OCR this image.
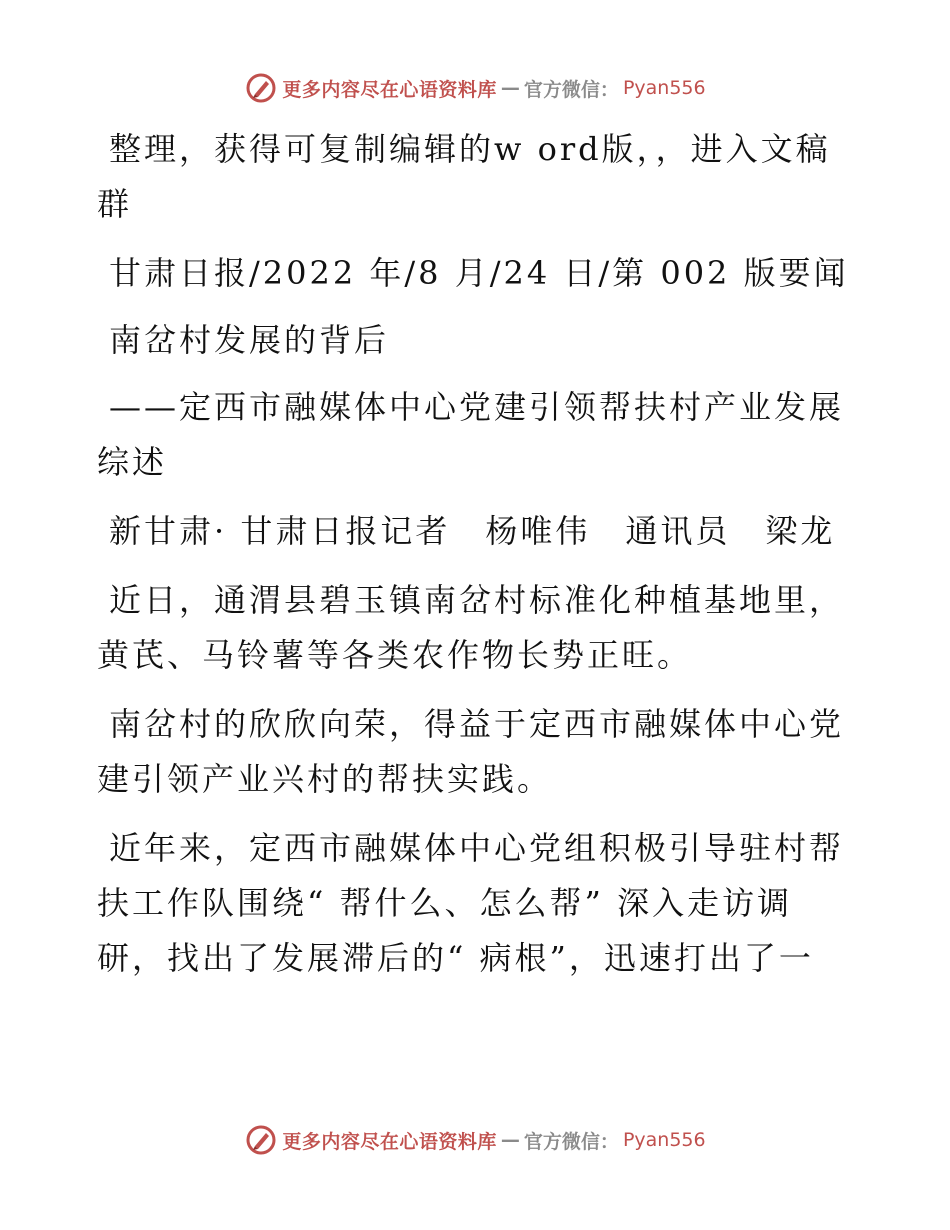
更多内容尽在心语资料库 — 官方微信： Pyan556

整理，获得可复制编辑的w ord版，，进入文稿群

甘肃日报/2022 年/8 月/24 日/第 002 版要闻

南岔村发展的背后

——定西市融媒体中心党建引领帮扶村产业发展综述

新甘肃· 甘肃日报记者　杨唯伟　通讯员　梁龙

近日，通渭县碧玉镇南岔村标准化种植基地里，黄芪、马铃薯等各类农作物长势正旺。

南岔村的欣欣向荣，得益于定西市融媒体中心党建引领产业兴村的帮扶实践。

近年来，定西市融媒体中心党组积极引导驻村帮扶工作队围绕“ 帮什么、怎么帮” 深入走访调研，找出了发展滞后的“ 病根”，迅速打出了一

更多内容尽在心语资料库 — 官方微信： Pyan556
